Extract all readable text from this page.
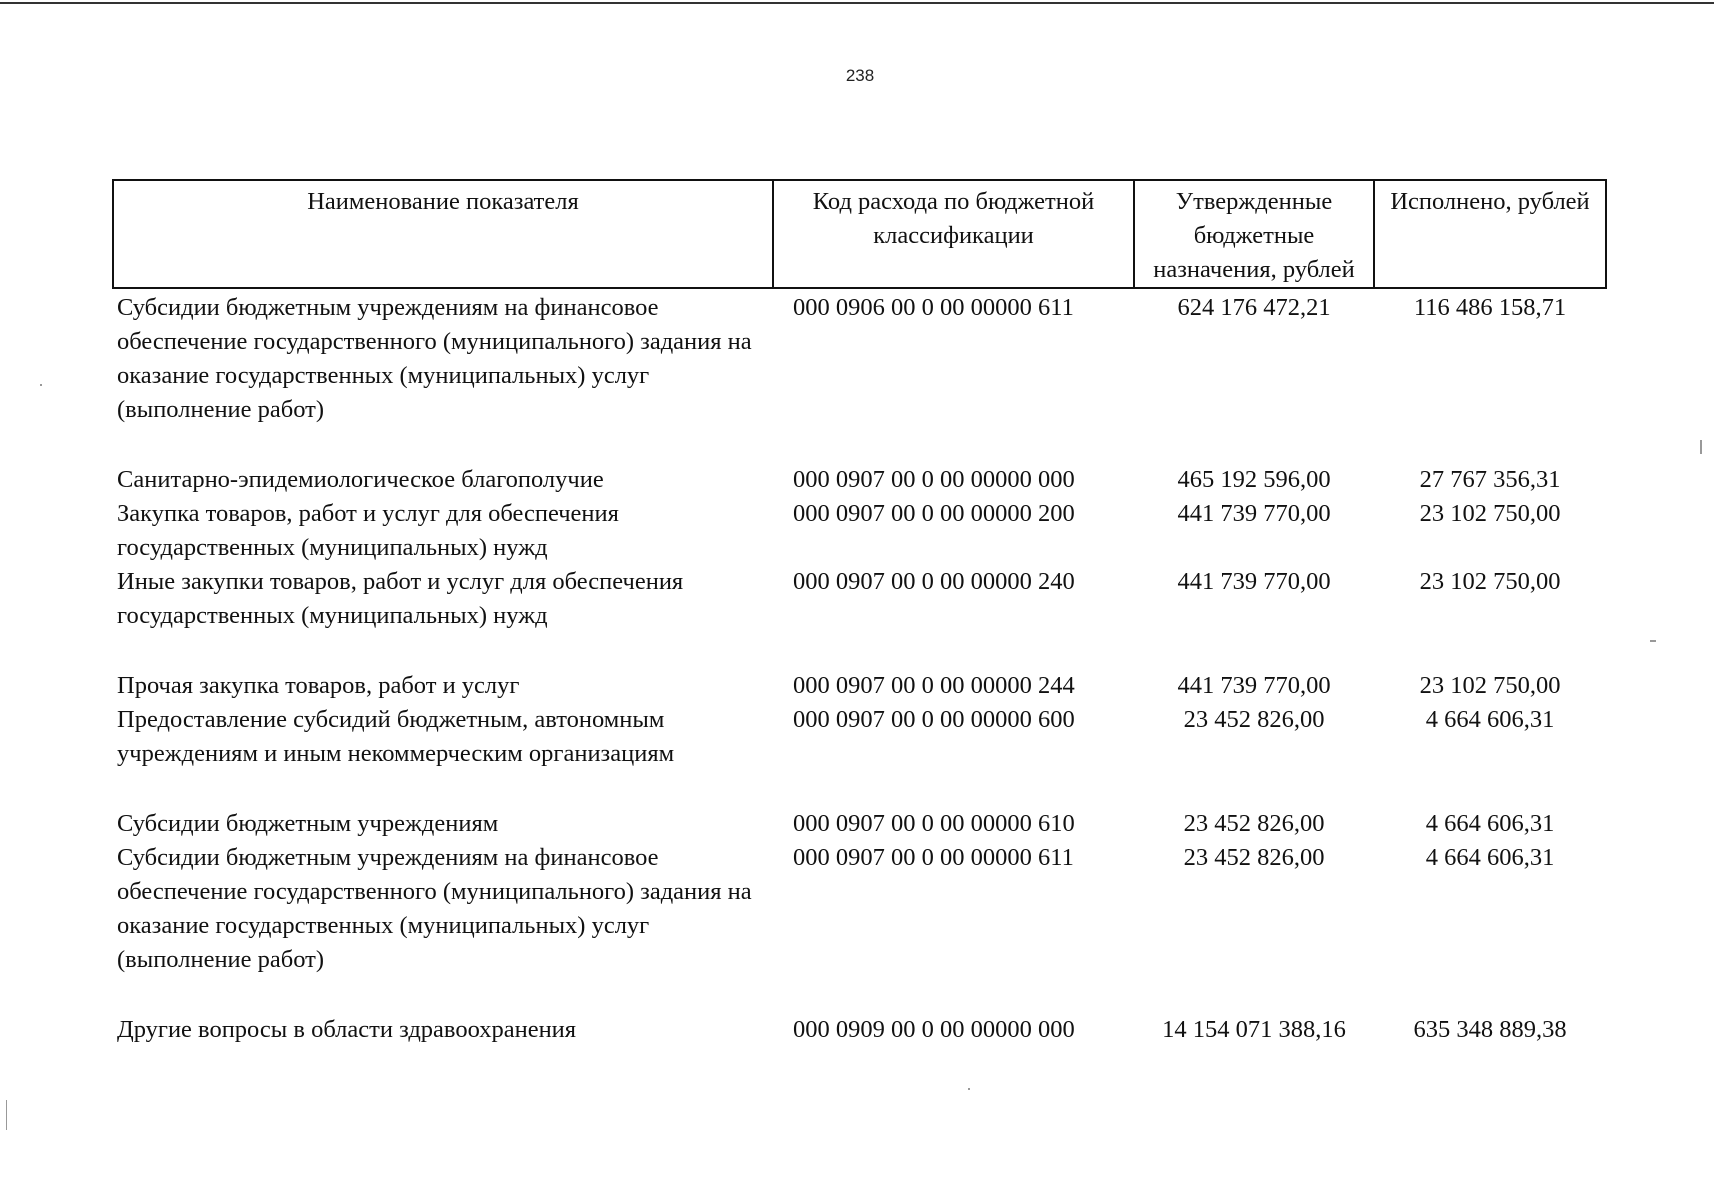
238
Наименование показателя	Код расхода по бюджетной классификации	Утвержденные бюджетные назначения, рублей	Исполнено, рублей
Субсидии бюджетным учреждениям на финансовое обеспечение государственного (муниципального) задания на оказание государственных (муниципальных) услуг (выполнение работ)	000 0906 00 0 00 00000 611	624 176 472,21	116 486 158,71
Санитарно-эпидемиологическое благополучие	000 0907 00 0 00 00000 000	465 192 596,00	27 767 356,31
Закупка товаров, работ и услуг для обеспечения государственных (муниципальных) нужд	000 0907 00 0 00 00000 200	441 739 770,00	23 102 750,00
Иные закупки товаров, работ и услуг для обеспечения государственных (муниципальных) нужд	000 0907 00 0 00 00000 240	441 739 770,00	23 102 750,00
Прочая закупка товаров, работ и услуг	000 0907 00 0 00 00000 244	441 739 770,00	23 102 750,00
Предоставление субсидий бюджетным, автономным учреждениям и иным некоммерческим организациям	000 0907 00 0 00 00000 600	23 452 826,00	4 664 606,31
Субсидии бюджетным учреждениям	000 0907 00 0 00 00000 610	23 452 826,00	4 664 606,31
Субсидии бюджетным учреждениям на финансовое обеспечение государственного (муниципального) задания на оказание государственных (муниципальных) услуг (выполнение работ)	000 0907 00 0 00 00000 611	23 452 826,00	4 664 606,31
Другие вопросы в области здравоохранения	000 0909 00 0 00 00000 000	14 154 071 388,16	635 348 889,38
